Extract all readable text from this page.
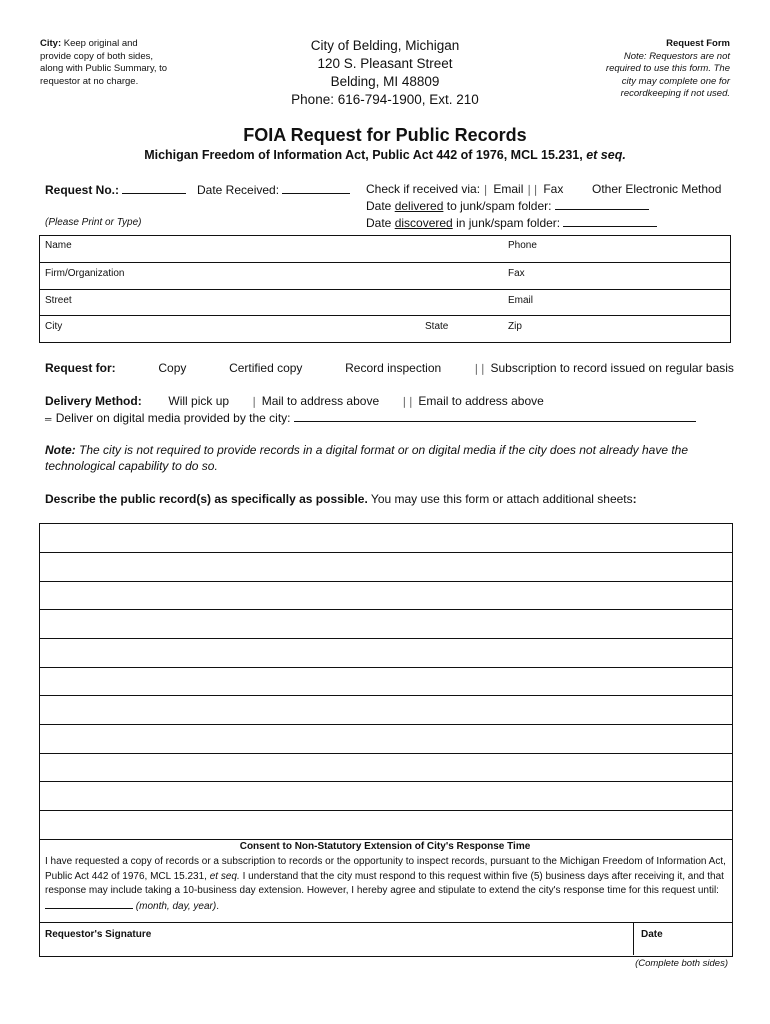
City: Keep original and provide copy of both sides, along with Public Summary, to requestor at no charge.
City of Belding, Michigan
120 S. Pleasant Street
Belding, MI 48809
Phone: 616-794-1900, Ext. 210
Request Form
Note: Requestors are not required to use this form. The city may complete one for recordkeeping if not used.
FOIA Request for Public Records
Michigan Freedom of Information Act, Public Act 442 of 1976, MCL 15.231, et seq.
Request No.:	Date Received:	Check if received via: │ Email ││ Fax Other Electronic Method
Date delivered to junk/spam folder:
Date discovered in junk/spam folder:
(Please Print or Type)
Name	Phone
Firm/Organization	Fax
Street	Email
City	State	Zip
Request for:	Copy	Certified copy	Record inspection	││ Subscription to record issued on regular basis
Delivery Method: Will pick up	│ Mail to address above	││ Email to address above
═ Deliver on digital media provided by the city:
Note: The city is not required to provide records in a digital format or on digital media if the city does not already have the technological capability to do so.
Describe the public record(s) as specifically as possible. You may use this form or attach additional sheets:
Consent to Non-Statutory Extension of City's Response Time
I have requested a copy of records or a subscription to records or the opportunity to inspect records, pursuant to the Michigan Freedom of Information Act, Public Act 442 of 1976, MCL 15.231, et seq. I understand that the city must respond to this request within five (5) business days after receiving it, and that response may include taking a 10-business day extension. However, I hereby agree and stipulate to extend the city's response time for this request until:  (month, day, year).
Requestor's Signature	Date
(Complete both sides)
